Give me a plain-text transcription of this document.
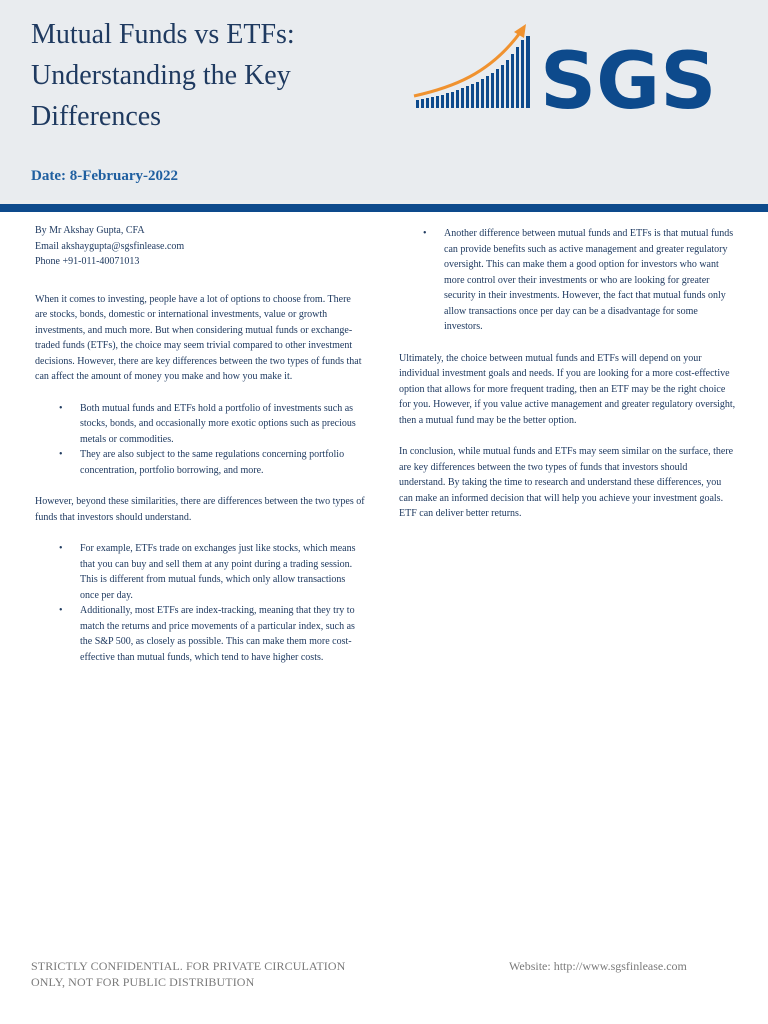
Mutual Funds vs ETFs: Understanding the Key Differences	SGS
Date: 8-February-2022

By Mr Akshay Gupta, CFA

Email akshaygupta@sgsfinlease.com

Phone +91-011-40071013

When it comes to investing, people have a lot of options to choose from. There are stocks, bonds, domestic or international investments, value or growth investments, and much more. But when considering mutual funds or exchange-traded funds (ETFs), the choice may seem trivial compared to other investment decisions. However, there are key differences between the two types of funds that can affect the amount of money you make and how you make it.

• Both mutual funds and ETFs hold a portfolio of investments such as stocks, bonds, and occasionally more exotic options such as precious metals or commodities.
• They are also subject to the same regulations concerning portfolio concentration, portfolio borrowing, and more.

However, beyond these similarities, there are differences between the two types of funds that investors should understand.

• For example, ETFs trade on exchanges just like stocks, which means that you can buy and sell them at any point during a trading session. This is different from mutual funds, which only allow transactions once per day.
• Additionally, most ETFs are index-tracking, meaning that they try to match the returns and price movements of a particular index, such as the S&P 500, as closely as possible. This can make them more cost-effective than mutual funds, which tend to have higher costs.
• Another difference between mutual funds and ETFs is that mutual funds can provide benefits such as active management and greater regulatory oversight. This can make them a good option for investors who want more control over their investments or who are looking for greater security in their investments. However, the fact that mutual funds only allow transactions once per day can be a disadvantage for some investors.

Ultimately, the choice between mutual funds and ETFs will depend on your individual investment goals and needs. If you are looking for a more cost-effective option that allows for more frequent trading, then an ETF may be the right choice for you. However, if you value active management and greater regulatory oversight, then a mutual fund may be the better option.

In conclusion, while mutual funds and ETFs may seem similar on the surface, there are key differences between the two types of funds that investors should understand. By taking the time to research and understand these differences, you can make an informed decision that will help you achieve your investment goals. ETF can deliver better returns.

STRICTLY CONFIDENTIAL. FOR PRIVATE CIRCULATION ONLY, NOT FOR PUBLIC DISTRIBUTION
Website: http://www.sgsfinlease.com
